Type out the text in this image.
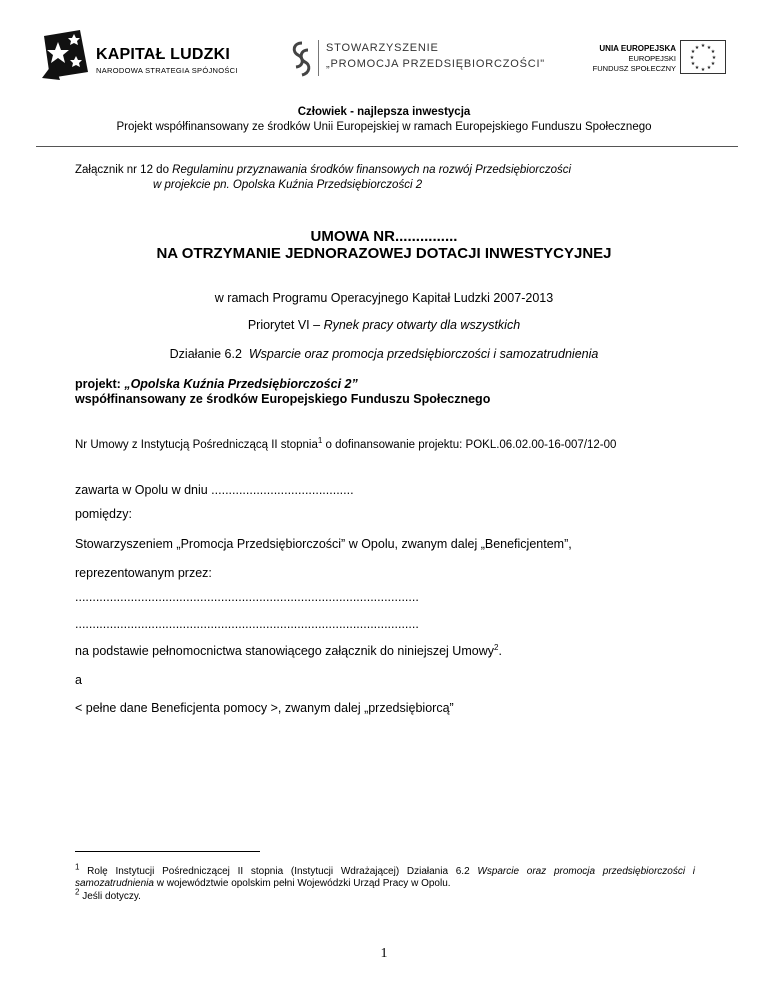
KAPITAŁ LUDZKI
NARODOWA STRATEGIA SPÓJNOŚCI
STOWARZYSZENIE
„PROMOCJA PRZEDSIĘBIORCZOŚCI"
UNIA EUROPEJSKA
EUROPEJSKI
FUNDUSZ SPOŁECZNY
★ ★
★
★
★
★
★
★
★
★
★
★
Człowiek - najlepsza inwestycja
Projekt współfinansowany ze środków Unii Europejskiej w ramach Europejskiego Funduszu Społecznego
Załącznik nr 12 do Regulaminu przyznawania środków finansowych na rozwój Przedsiębiorczości
w projekcie pn. Opolska Kuźnia Przedsiębiorczości 2
UMOWA NR...............
NA OTRZYMANIE JEDNORAZOWEJ DOTACJI INWESTYCYJNEJ
w ramach Programu Operacyjnego Kapitał Ludzki 2007-2013
Priorytet VI – Rynek pracy otwarty dla wszystkich
Działanie 6.2  Wsparcie oraz promocja przedsiębiorczości i samozatrudnienia
projekt: „Opolska Kuźnia Przedsiębiorczości 2”
współfinansowany ze środków Europejskiego Funduszu Społecznego
Nr Umowy z Instytucją Pośredniczącą II stopnia$^1$ o dofinansowanie projektu: POKL.06.02.00-16-007/12-00
zawarta w Opolu w dniu .........................................
pomiędzy:
Stowarzyszeniem „Promocja Przedsiębiorczości” w Opolu, zwanym dalej „Beneficjentem”,
reprezentowanym przez:
...................................................................................................
...................................................................................................
na podstawie pełnomocnictwa stanowiącego załącznik do niniejszej Umowy$^2$.
a
< pełne dane Beneficjenta pomocy >, zwanym dalej „przedsiębiorcą”
$^1$ Rolę Instytucji Pośredniczącej II stopnia (Instytucji Wdrażającej) Działania 6.2 Wsparcie oraz promocja przedsiębiorczości i samozatrudnienia w województwie opolskim pełni Wojewódzki Urząd Pracy w Opolu.
$^2$ Jeśli dotyczy.
1
